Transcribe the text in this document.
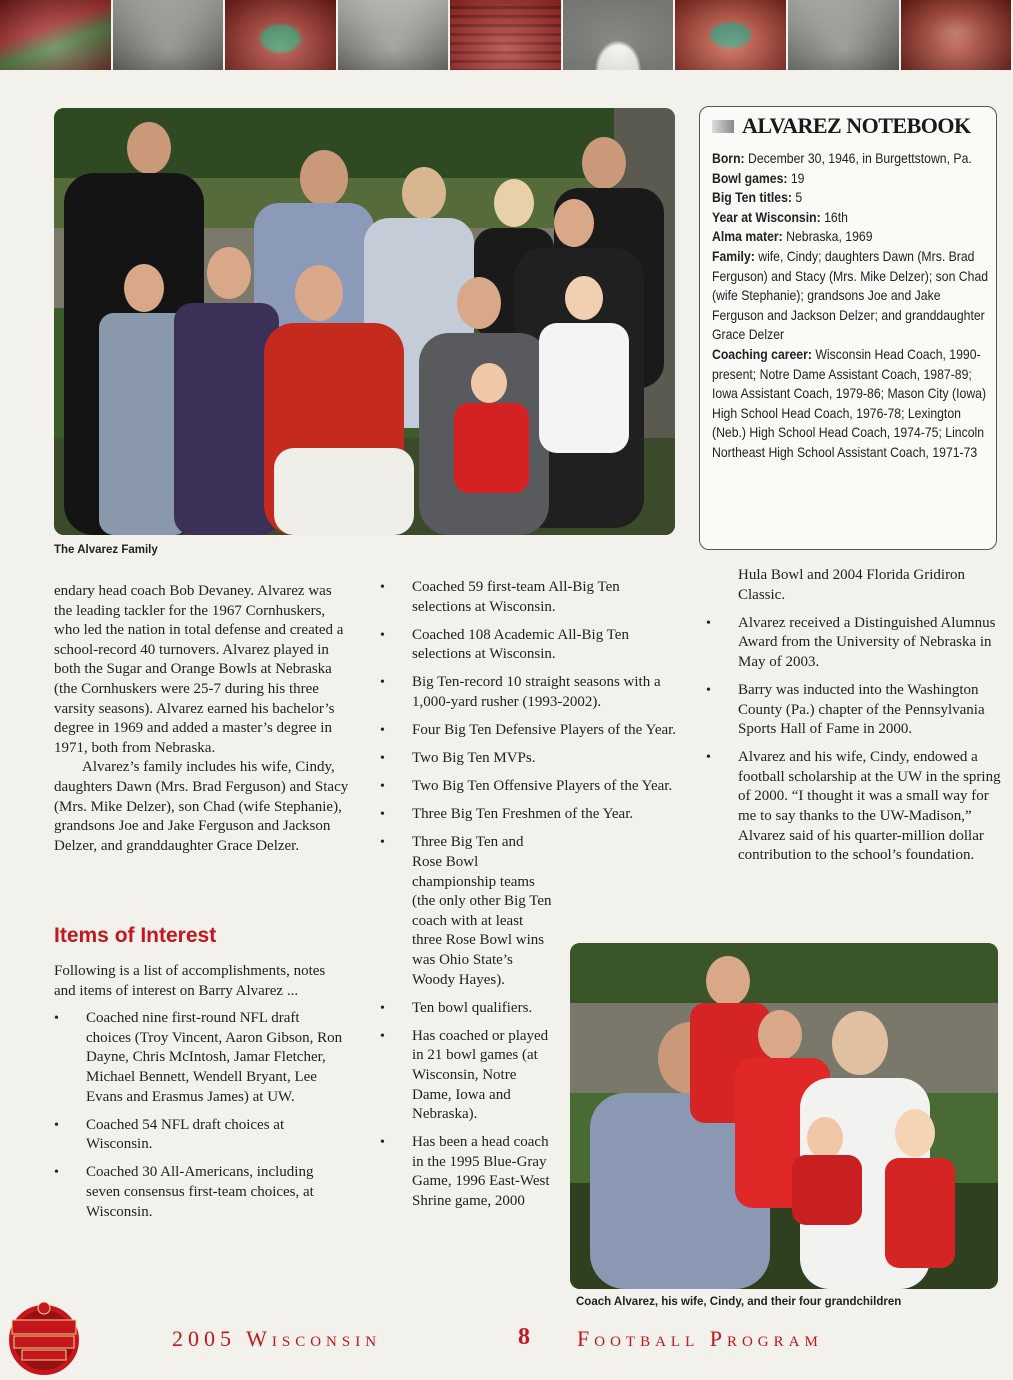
The Alvarez Family
ALVAREZ NOTEBOOK
Born: December 30, 1946, in Burgettstown, Pa.
Bowl games: 19
Big Ten titles: 5
Year at Wisconsin: 16th
Alma mater: Nebraska, 1969
Family: wife, Cindy; daughters Dawn (Mrs. Brad Ferguson) and Stacy (Mrs. Mike Delzer); son Chad (wife Stephanie); grandsons Joe and Jake Ferguson and Jackson Delzer; and granddaughter Grace Delzer
Coaching career: Wisconsin Head Coach, 1990-present; Notre Dame Assistant Coach, 1987-89; Iowa Assistant Coach, 1979-86; Mason City (Iowa) High School Head Coach, 1976-78; Lexington (Neb.) High School Head Coach, 1974-75; Lincoln Northeast High School Assistant Coach, 1971-73

endary head coach Bob Devaney. Alvarez was the leading tackler for the 1967 Cornhuskers, who led the nation in total defense and created a school-record 40 turnovers. Alvarez played in both the Sugar and Orange Bowls at Nebraska (the Cornhuskers were 25-7 during his three varsity seasons). Alvarez earned his bachelor’s degree in 1969 and added a master’s degree in 1971, both from Nebraska.

Alvarez’s family includes his wife, Cindy, daughters Dawn (Mrs. Brad Ferguson) and Stacy (Mrs. Mike Delzer), son Chad (wife Stephanie), grandsons Joe and Jake Ferguson and Jackson Delzer, and granddaughter Grace Delzer.

Items of Interest

Following is a list of accomplishments, notes and items of interest on Barry Alvarez ...

• Coached nine first-round NFL draft choices (Troy Vincent, Aaron Gibson, Ron Dayne, Chris McIntosh, Jamar Fletcher, Michael Bennett, Wendell Bryant, Lee Evans and Erasmus James) at UW.
• Coached 54 NFL draft choices at Wisconsin.
• Coached 30 All-Americans, including seven consensus first-team choices, at Wisconsin.
• Coached 59 first-team All-Big Ten selections at Wisconsin.
• Coached 108 Academic All-Big Ten selections at Wisconsin.
• Big Ten-record 10 straight seasons with a 1,000-yard rusher (1993-2002).
• Four Big Ten Defensive Players of the Year.
• Two Big Ten MVPs.
• Two Big Ten Offensive Players of the Year.
• Three Big Ten Freshmen of the Year.
• Three Big Ten and Rose Bowl championship teams (the only other Big Ten coach with at least three Rose Bowl wins was Ohio State’s Woody Hayes).
• Ten bowl qualifiers.
• Has coached or played in 21 bowl games (at Wisconsin, Notre Dame, Iowa and Nebraska).
• Has been a head coach in the 1995 Blue-Gray Game, 1996 East-West Shrine game, 2000

Hula Bowl and 2004 Florida Gridiron Classic.

• Alvarez received a Distinguished Alumnus Award from the University of Nebraska in May of 2003.
• Barry was inducted into the Washington County (Pa.) chapter of the Pennsylvania Sports Hall of Fame in 2000.
• Alvarez and his wife, Cindy, endowed a football scholarship at the UW in the spring of 2000. “I thought it was a small way for me to say thanks to the UW-Madison,” Alvarez said of his quarter-million dollar contribution to the school’s foundation.
Coach Alvarez, his wife, Cindy, and their four grandchildren
2005 Wisconsin	8 Football Program
